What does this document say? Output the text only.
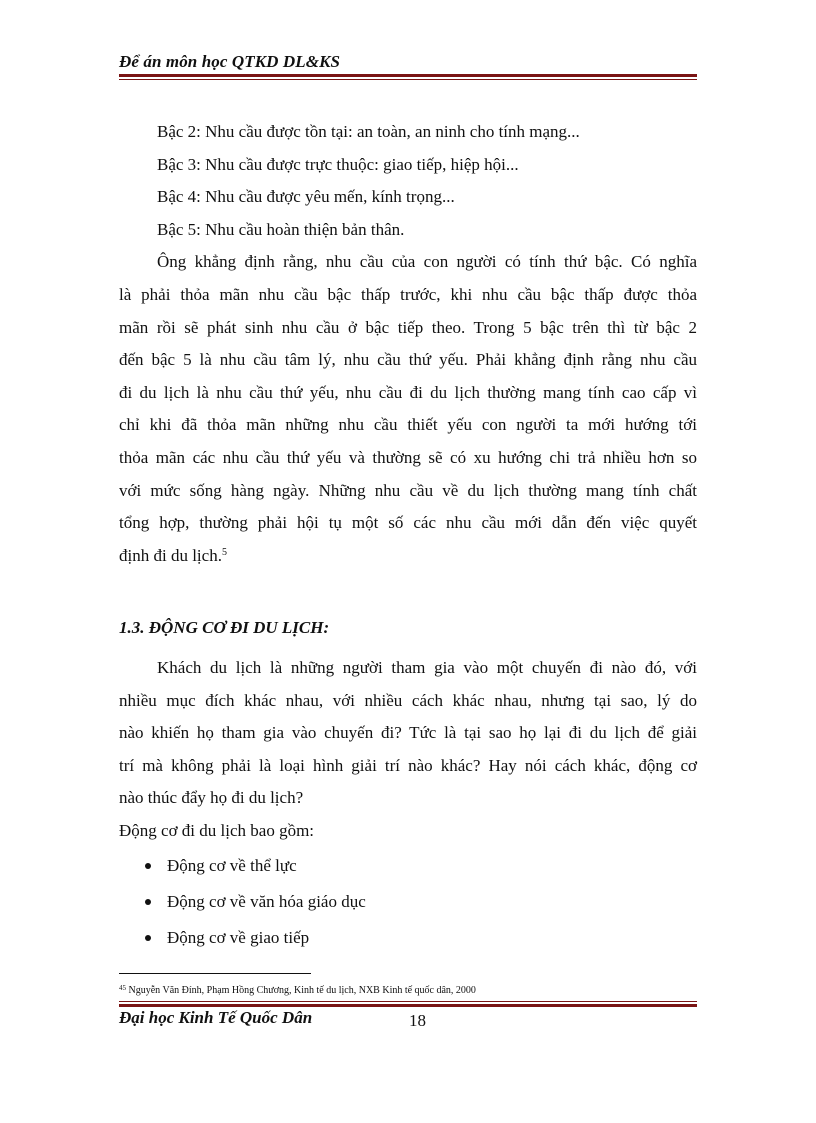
Để án môn học QTKD DL&KS
Bậc 2: Nhu cầu được tồn tại: an toàn, an ninh cho tính mạng...
Bậc 3: Nhu cầu được trực thuộc: giao tiếp, hiệp hội...
Bậc 4: Nhu cầu được yêu mến, kính trọng...
Bậc 5: Nhu cầu hoàn thiện bản thân.
Ông khẳng định rằng, nhu cầu của con người có tính thứ bậc. Có nghĩa
là phải thỏa mãn nhu cầu bậc thấp trước, khi nhu cầu bậc thấp được thỏa
mãn rồi sẽ phát sinh nhu cầu ở bậc tiếp theo. Trong 5 bậc trên thì từ bậc 2
đến bậc 5 là nhu cầu tâm lý, nhu cầu thứ yếu. Phải khẳng định rằng nhu cầu
đi du lịch là nhu cầu thứ yếu, nhu cầu đi du lịch thường mang tính cao cấp vì
chỉ khi đã thỏa mãn những nhu cầu thiết yếu con người ta mới hướng tới
thỏa mãn các nhu cầu thứ yếu và thường sẽ có xu hướng chi trả nhiều hơn so
với mức sống hàng ngày. Những nhu cầu về du lịch thường mang tính chất
tổng hợp, thường phải hội tụ một số các nhu cầu mới dẫn đến việc quyết
định đi du lịch.$^5$
1.3. ĐỘNG CƠ ĐI DU LỊCH:
Khách du lịch là những người tham gia vào một chuyến đi nào đó, với
nhiều mục đích khác nhau, với nhiều cách khác nhau, nhưng tại sao, lý do
nào khiến họ tham gia vào chuyến đi? Tức là tại sao họ lại đi du lịch để giải
trí mà không phải là loại hình giải trí nào khác? Hay nói cách khác, động cơ
nào thúc đẩy họ đi du lịch?
Động cơ đi du lịch bao gồm:
Động cơ về thể lực
Động cơ về văn hóa giáo dục
Động cơ về giao tiếp
$^{45}$ Nguyễn Văn Đính, Phạm Hồng Chương, Kinh tế du lịch, NXB Kinh tế quốc dân, 2000
Đại học Kinh Tế Quốc Dân	18
